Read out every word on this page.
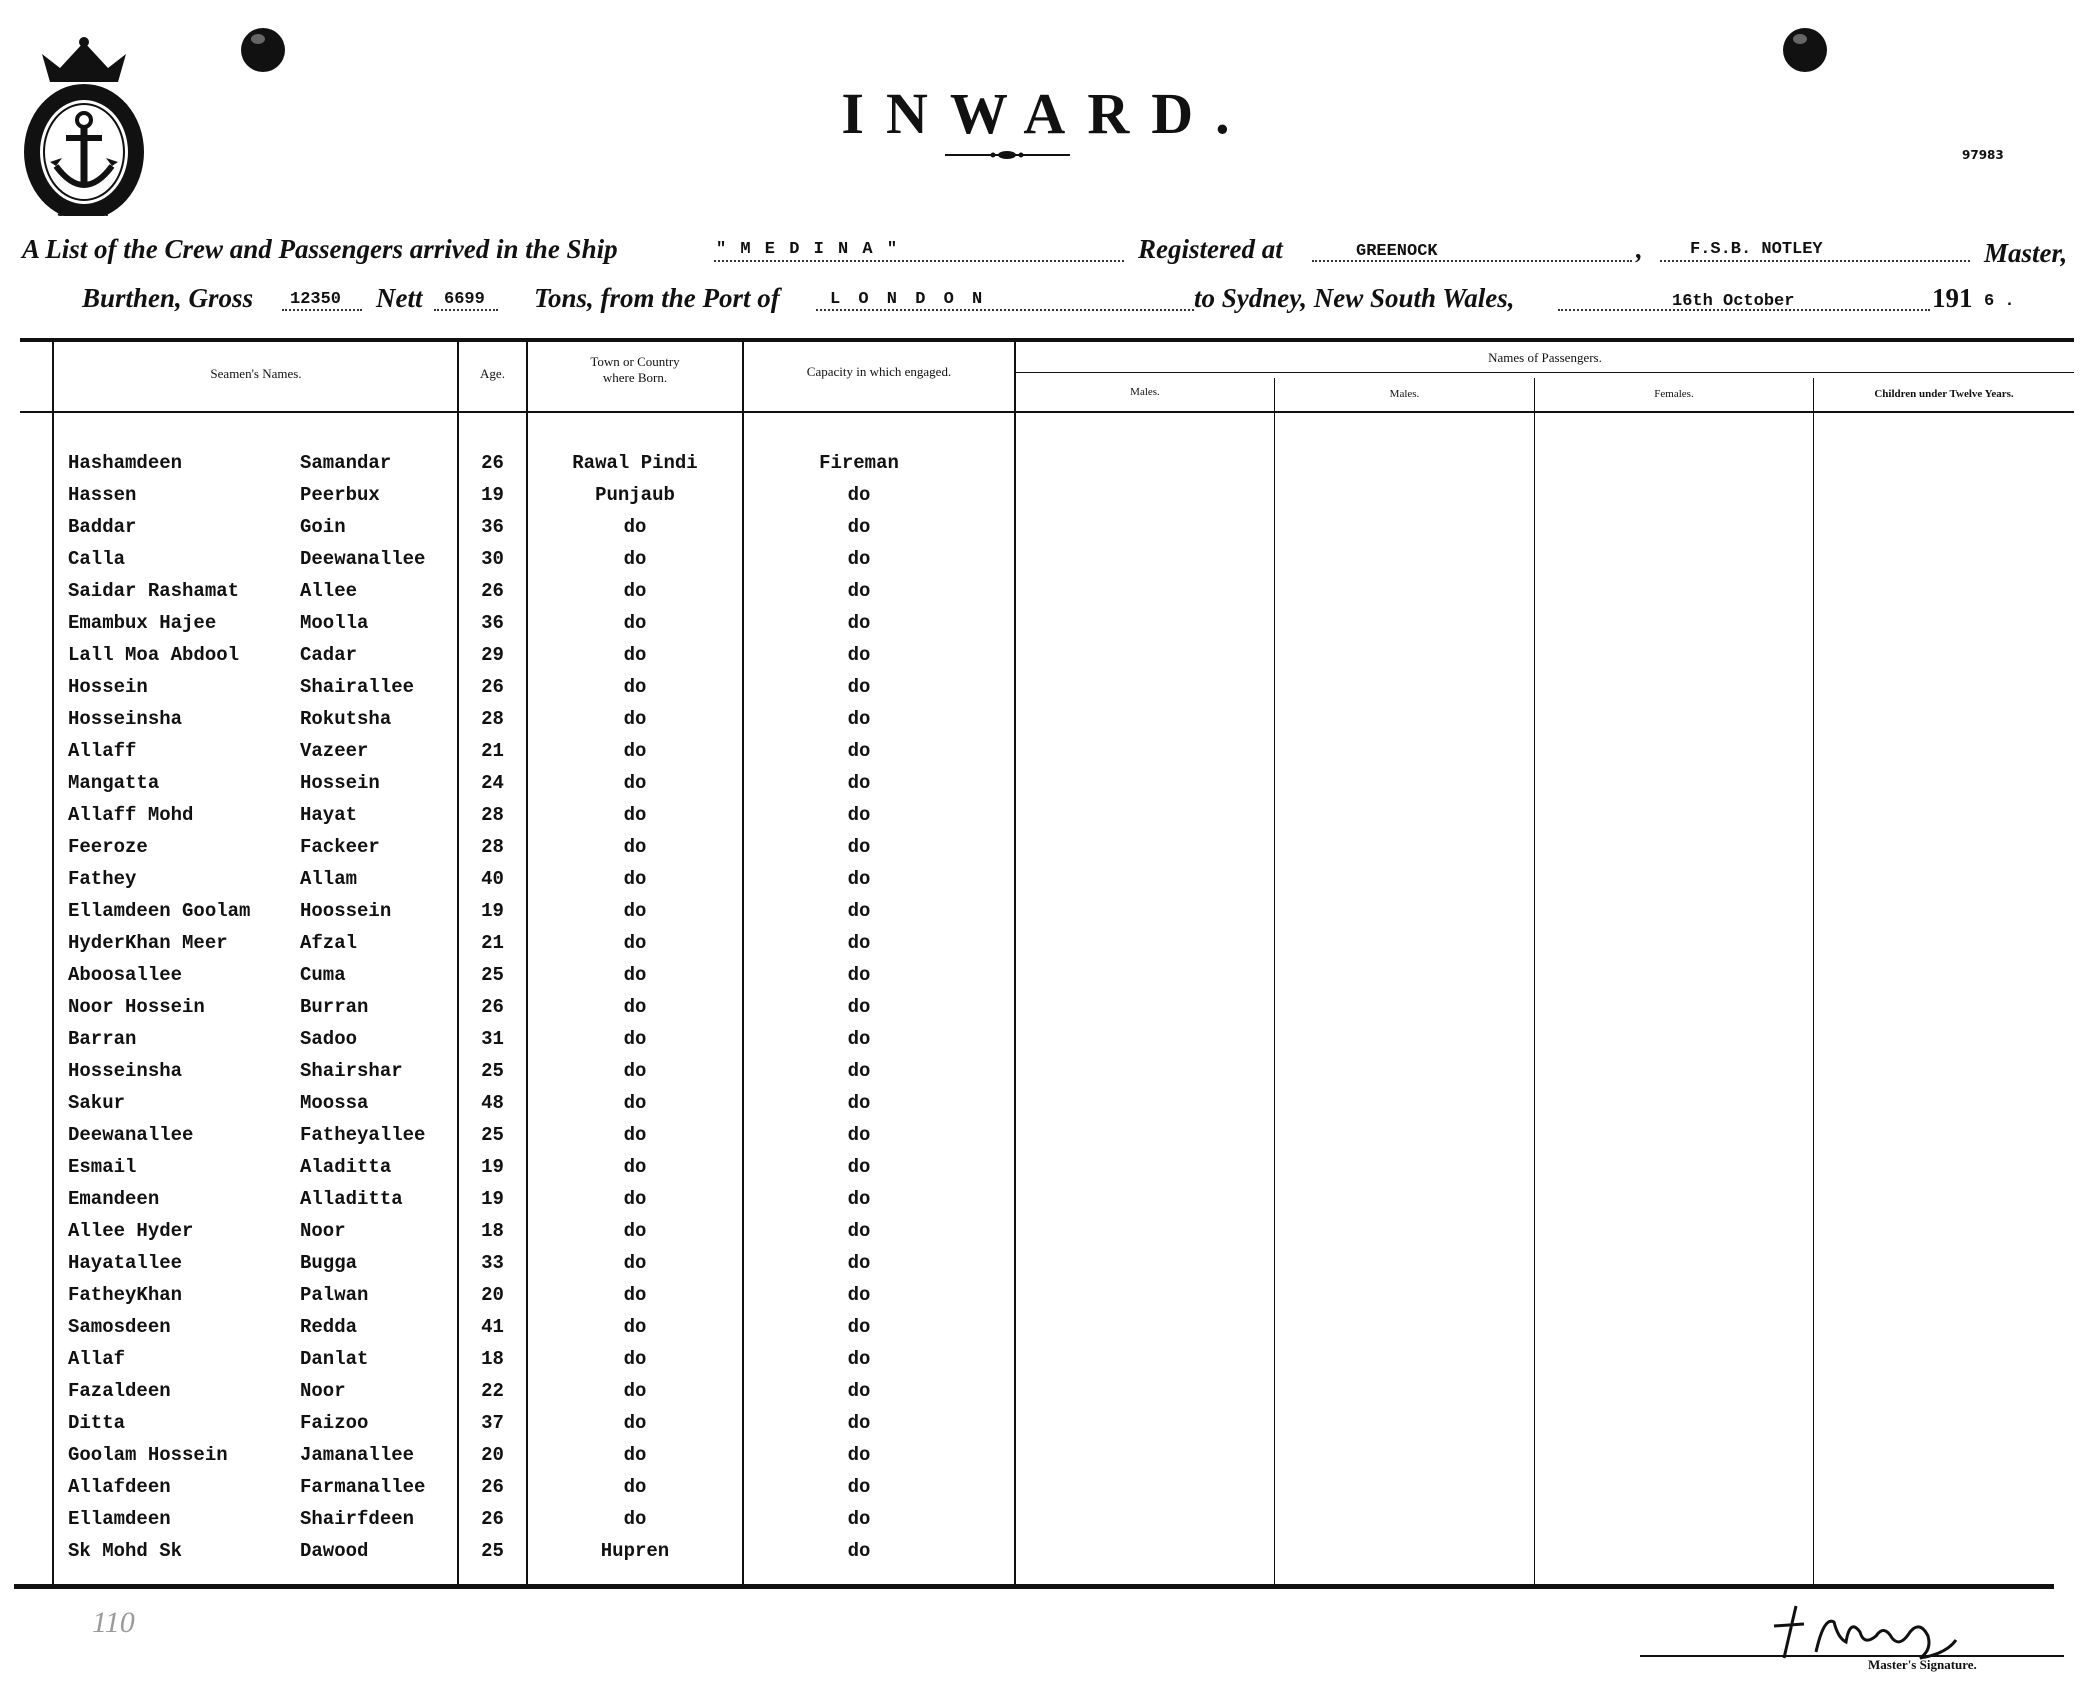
SYDNEY
INWARD.
97983
A List of the Crew and Passengers arrived in the Ship	" M E D I N A "	Registered at	GREENOCK	,	F.S.B. NOTLEY	Master,
Burthen, Gross 12350 Nett 6699 Tons, from the Port of	L O N D O N	to Sydney, New South Wales,	16th October	191 6 .
Seamen's Names.	Age.
Town or Country
where Born.	Capacity in which engaged.
Names of Passengers.
Males.	Males.	Females.	Children under Twelve Years.
Hashamdeen	Samandar	26	Rawal Pindi	Fireman
Hassen	Peerbux	19	Punjaub	do
Baddar	Goin	36	do	do
Calla	Deewanallee	30	do	do
Saidar Rashamat	Allee	26	do	do
Emambux Hajee	Moolla	36	do	do
Lall Moa Abdool	Cadar	29	do	do
Hossein	Shairallee	26	do	do
Hosseinsha	Rokutsha	28	do	do
Allaff	Vazeer	21	do	do
Mangatta	Hossein	24	do	do
Allaff Mohd	Hayat	28	do	do
Feeroze	Fackeer	28	do	do
Fathey	Allam	40	do	do
Ellamdeen Goolam	Hoossein	19	do	do
HyderKhan Meer	Afzal	21	do	do
Aboosallee	Cuma	25	do	do
Noor Hossein	Burran	26	do	do
Barran	Sadoo	31	do	do
Hosseinsha	Shairshar	25	do	do
Sakur	Moossa	48	do	do
Deewanallee	Fatheyallee	25	do	do
Esmail	Aladitta	19	do	do
Emandeen	Alladitta	19	do	do
Allee Hyder	Noor	18	do	do
Hayatallee	Bugga	33	do	do
FatheyKhan	Palwan	20	do	do
Samosdeen	Redda	41	do	do
Allaf	Danlat	18	do	do
Fazaldeen	Noor	22	do	do
Ditta	Faizoo	37	do	do
Goolam Hossein	Jamanallee	20	do	do
Allafdeen	Farmanallee	26	do	do
Ellamdeen	Shairfdeen	26	do	do
Sk Mohd Sk	Dawood	25	Hupren	do
110
Master's Signature.
